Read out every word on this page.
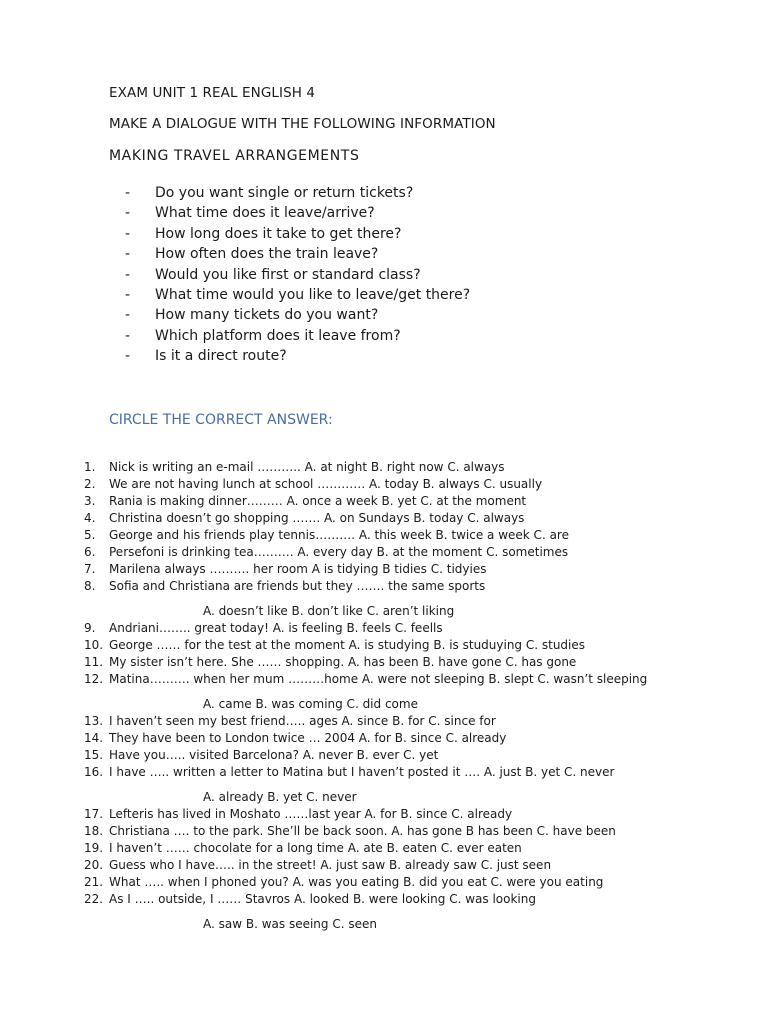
EXAM UNIT 1 REAL ENGLISH 4
MAKE A DIALOGUE WITH THE FOLLOWING INFORMATION
MAKING TRAVEL ARRANGEMENTS
- Do you want single or return tickets?
- What time does it leave/arrive?
- How long does it take to get there?
- How often does the train leave?
- Would you like first or standard class?
- What time would you like to leave/get there?
- How many tickets do you want?
- Which platform does it leave from?
- Is it a direct route?
CIRCLE THE CORRECT ANSWER:
1.	Nick is writing an e-mail ……….. A. at night B. right now C. always
2.	We are not having lunch at school ………… A. today B. always C. usually
3.	Rania is making dinner……… A. once a week B. yet C. at the moment
4.	Christina doesn’t go shopping ……. A. on Sundays B. today C. always
5.	George and his friends play tennis………. A. this week B. twice a week C. are
6.	Persefoni is drinking tea………. A. every day B. at the moment C. sometimes
7.	Marilena always ………. her room A is tidying B tidies C. tidyies
8.	Sofia and Christiana are friends but they ……. the same sports
A. doesn’t like B. don’t like C. aren’t liking
9.	Andriani…….. great today! A. is feeling B. feels C. feells
10. George …… for the test at the moment A. is studying B. is studuying C. studies
11. My sister isn’t here. She …… shopping. A. has been B. have gone C. has gone
12. Matina………. when her mum ………home A. were not sleeping B. slept C. wasn’t sleeping
A. came B. was coming C. did come
13. I haven’t seen my best friend….. ages A. since B. for C. since for
14. They have been to London twice … 2004 A. for B. since C. already
15. Have you….. visited Barcelona? A. never B. ever C. yet
16. I have ….. written a letter to Matina but I haven’t posted it …. A. just B. yet C. never
A. already B. yet C. never
17. Lefteris has lived in Moshato ……last year A. for B. since C. already
18. Christiana …. to the park. She’ll be back soon. A. has gone B has been C. have been
19. I haven’t …… chocolate for a long time A. ate B. eaten C. ever eaten
20. Guess who I have….. in the street! A. just saw B. already saw C. just seen
21. What ….. when I phoned you? A. was you eating B. did you eat C. were you eating
22. As I ….. outside, I …… Stavros A. looked B. were looking C. was looking
A. saw B. was seeing C. seen
